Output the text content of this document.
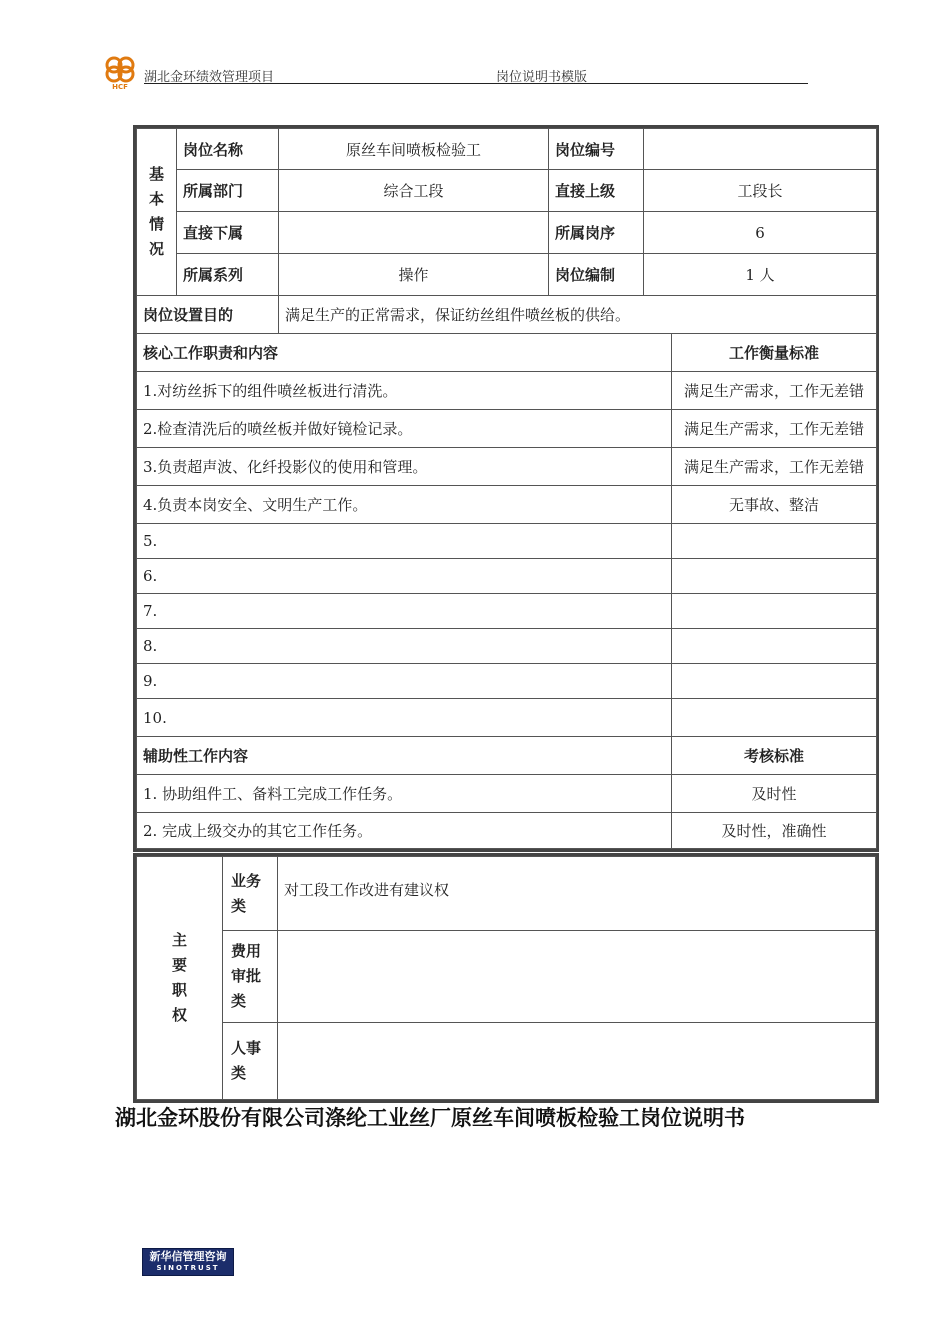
HCF
湖北金环绩效管理项目	岗位说明书模版
基
本
情
况	岗位名称	原丝车间喷板检验工	岗位编号		
	所属部门	综合工段	直接上级	工段长	
	直接下属		所属岗序	6	
	所属系列	操作	岗位编制	1 人	
岗位设置目的		满足生产的正常需求，保证纺丝组件喷丝板的供给。			
核心工作职责和内容					工作衡量标准
1.对纺丝拆下的组件喷丝板进行清洗。					满足生产需求，工作无差错
2.检查清洗后的喷丝板并做好镜检记录。					满足生产需求，工作无差错
3.负责超声波、化纤投影仪的使用和管理。					满足生产需求，工作无差错
4.负责本岗安全、文明生产工作。					无事故、整洁
5.					
6.					
7.					
8.					
9.					
10.					
辅助性工作内容					考核标准
1. 协助组件工、备料工完成工作任务。					及时性
2. 完成上级交办的其它工作任务。					及时性，准确性
主
要
职
权	业务类	对工段工作改进有建议权
	费用审批类	
	人事类	
湖北金环股份有限公司涤纶工业丝厂原丝车间喷板检验工岗位说明书
新华信管理咨询
SINOTRUST
